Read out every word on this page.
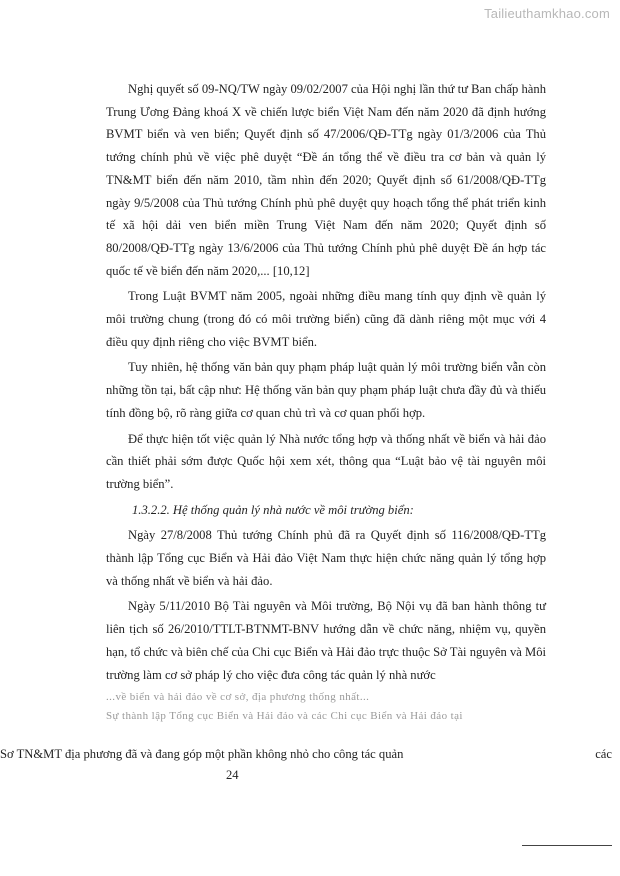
Tailieuthamkhao.com

Nghị quyết số 09-NQ/TW ngày 09/02/2007 của Hội nghị lần thứ tư Ban chấp hành Trung Ương Đảng khoá X về chiến lược biển Việt Nam đến năm 2020 đã định hướng BVMT biển và ven biển; Quyết định số 47/2006/QĐ-TTg ngày 01/3/2006 của Thủ tướng chính phủ về việc phê duyệt “Đề án tổng thể về điều tra cơ bản và quản lý TN&MT biển đến năm 2010, tầm nhìn đến 2020; Quyết định số 61/2008/QĐ-TTg ngày 9/5/2008 của Thủ tướng Chính phủ phê duyệt quy hoạch tổng thể phát triển kinh tế xã hội dải ven biển miền Trung Việt Nam đến năm 2020; Quyết định số 80/2008/QĐ-TTg ngày 13/6/2006 của Thủ tướng Chính phủ phê duyệt Đề án hợp tác quốc tế về biển đến năm 2020,... [10,12]

Trong Luật BVMT năm 2005, ngoài những điều mang tính quy định về quản lý môi trường chung (trong đó có môi trường biển) cũng đã dành riêng một mục với 4 điều quy định riêng cho việc BVMT biển.

Tuy nhiên, hệ thống văn bản quy phạm pháp luật quản lý môi trường biển vẫn còn những tồn tại, bất cập như: Hệ thống văn bản quy phạm pháp luật chưa đầy đủ và thiếu tính đồng bộ, rõ ràng giữa cơ quan chủ trì và cơ quan phối hợp.

Để thực hiện tốt việc quản lý Nhà nước tổng hợp và thống nhất về biển và hải đảo cần thiết phải sớm được Quốc hội xem xét, thông qua “Luật bảo vệ tài nguyên môi trường biển”.

1.3.2.2. Hệ thống quản lý nhà nước về môi trường biển:

Ngày 27/8/2008 Thủ tướng Chính phủ đã ra Quyết định số 116/2008/QĐ-TTg thành lập Tổng cục Biển và Hải đảo Việt Nam thực hiện chức năng quản lý tổng hợp và thống nhất về biển và hải đảo.

Ngày 5/11/2010 Bộ Tài nguyên và Môi trường, Bộ Nội vụ đã ban hành thông tư liên tịch số 26/2010/TTLT-BTNMT-BNV hướng dẫn về chức năng, nhiệm vụ, quyền hạn, tổ chức và biên chế của Chi cục Biển và Hải đảo trực thuộc Sở Tài nguyên và Môi trường làm cơ sở pháp lý cho việc đưa công tác quản lý nhà nước

...về biển và hải đảo về cơ sở, địa phương thống nhất...

Sự thành lập Tổng cục Biển và Hải đảo và các Chi cục Biển và Hải đảo tại

Sơ TN&MT địa phương đã và đang góp một phần không nhỏ cho công tác quản	các
24
